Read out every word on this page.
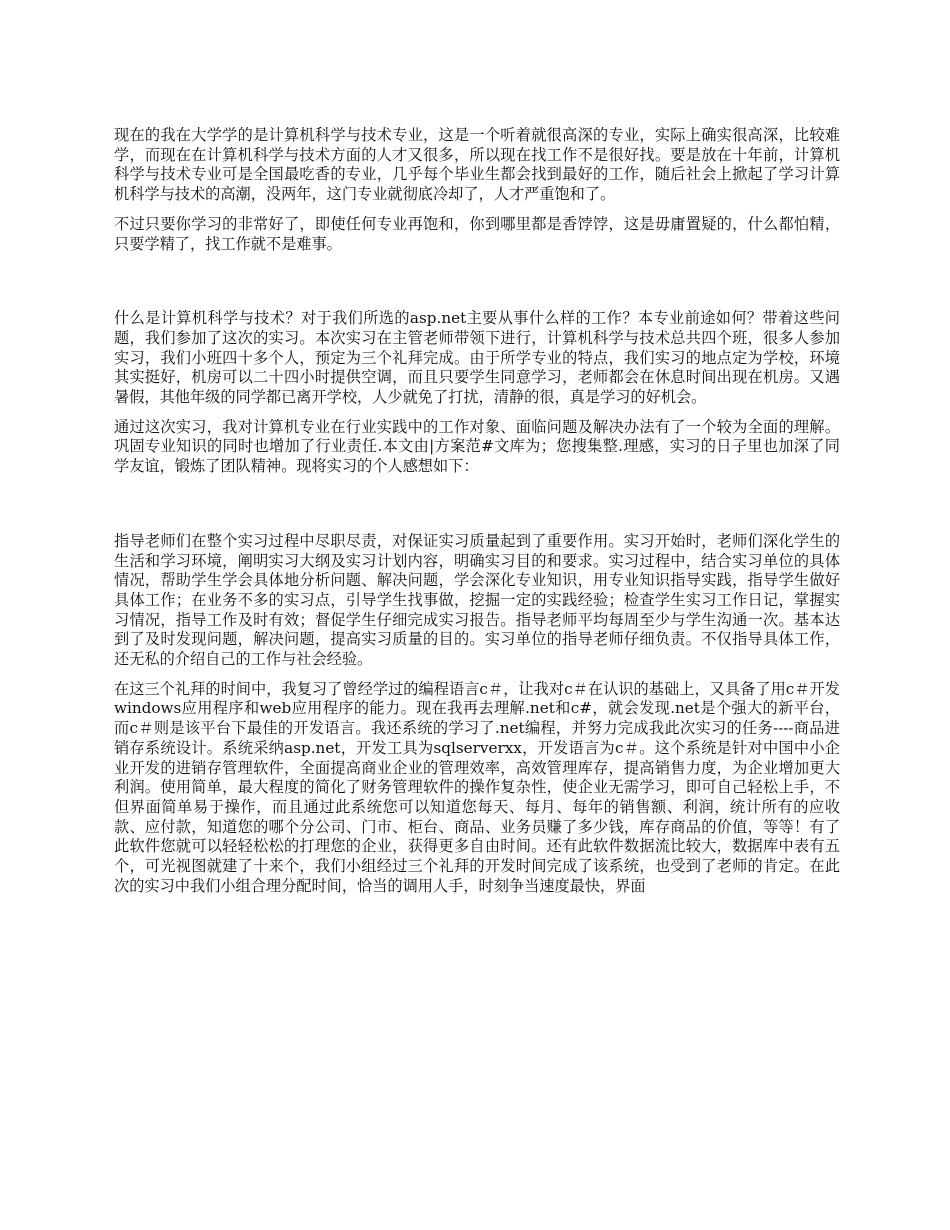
现在的我在大学学的是计算机科学与技术专业，这是一个听着就很高深的专业，实际上确实很高深，比较难学，而现在在计算机科学与技术方面的人才又很多，所以现在找工作不是很好找。要是放在十年前，计算机科学与技术专业可是全国最吃香的专业，几乎每个毕业生都会找到最好的工作，随后社会上掀起了学习计算机科学与技术的高潮，没两年，这门专业就彻底冷却了，人才严重饱和了。

不过只要你学习的非常好了，即使任何专业再饱和，你到哪里都是香饽饽，这是毋庸置疑的，什么都怕精，只要学精了，找工作就不是难事。

什么是计算机科学与技术？对于我们所选的asp.net主要从事什么样的工作？本专业前途如何？带着这些问题，我们参加了这次的实习。本次实习在主管老师带领下进行，计算机科学与技术总共四个班，很多人参加实习，我们小班四十多个人，预定为三个礼拜完成。由于所学专业的特点，我们实习的地点定为学校，环境其实挺好，机房可以二十四小时提供空调，而且只要学生同意学习，老师都会在休息时间出现在机房。又遇暑假，其他年级的同学都已离开学校，人少就免了打扰，清静的很，真是学习的好机会。

通过这次实习，我对计算机专业在行业实践中的工作对象、面临问题及解决办法有了一个较为全面的理解。巩固专业知识的同时也增加了行业责任.本文由|方案范#文库为；您搜集整.理感，实习的日子里也加深了同学友谊，锻炼了团队精神。现将实习的个人感想如下：

指导老师们在整个实习过程中尽职尽责，对保证实习质量起到了重要作用。实习开始时，老师们深化学生的生活和学习环境，阐明实习大纲及实习计划内容，明确实习目的和要求。实习过程中，结合实习单位的具体情况，帮助学生学会具体地分析问题、解决问题，学会深化专业知识，用专业知识指导实践，指导学生做好具体工作；在业务不多的实习点，引导学生找事做，挖掘一定的实践经验；检查学生实习工作日记，掌握实习情况，指导工作及时有效；督促学生仔细完成实习报告。指导老师平均每周至少与学生沟通一次。基本达到了及时发现问题，解决问题，提高实习质量的目的。实习单位的指导老师仔细负责。不仅指导具体工作，还无私的介绍自己的工作与社会经验。

在这三个礼拜的时间中，我复习了曾经学过的编程语言c＃，让我对c＃在认识的基础上，又具备了用c＃开发windows应用程序和web应用程序的能力。现在我再去理解.net和c#，就会发现.net是个强大的新平台，而c＃则是该平台下最佳的开发语言。我还系统的学习了.net编程，并努力完成我此次实习的任务----商品进销存系统设计。系统采纳asp.net，开发工具为sqlserverxx，开发语言为c＃。这个系统是针对中国中小企业开发的进销存管理软件，全面提高商业企业的管理效率，高效管理库存，提高销售力度，为企业增加更大利润。使用简单，最大程度的简化了财务管理软件的操作复杂性，使企业无需学习，即可自己轻松上手，不但界面简单易于操作，而且通过此系统您可以知道您每天、每月、每年的销售额、利润，统计所有的应收款、应付款，知道您的哪个分公司、门市、柜台、商品、业务员赚了多少钱，库存商品的价值，等等！有了此软件您就可以轻轻松松的打理您的企业，获得更多自由时间。还有此软件数据流比较大，数据库中表有五个，可光视图就建了十来个，我们小组经过三个礼拜的开发时间完成了该系统，也受到了老师的肯定。在此次的实习中我们小组合理分配时间，恰当的调用人手，时刻争当速度最快，界面
